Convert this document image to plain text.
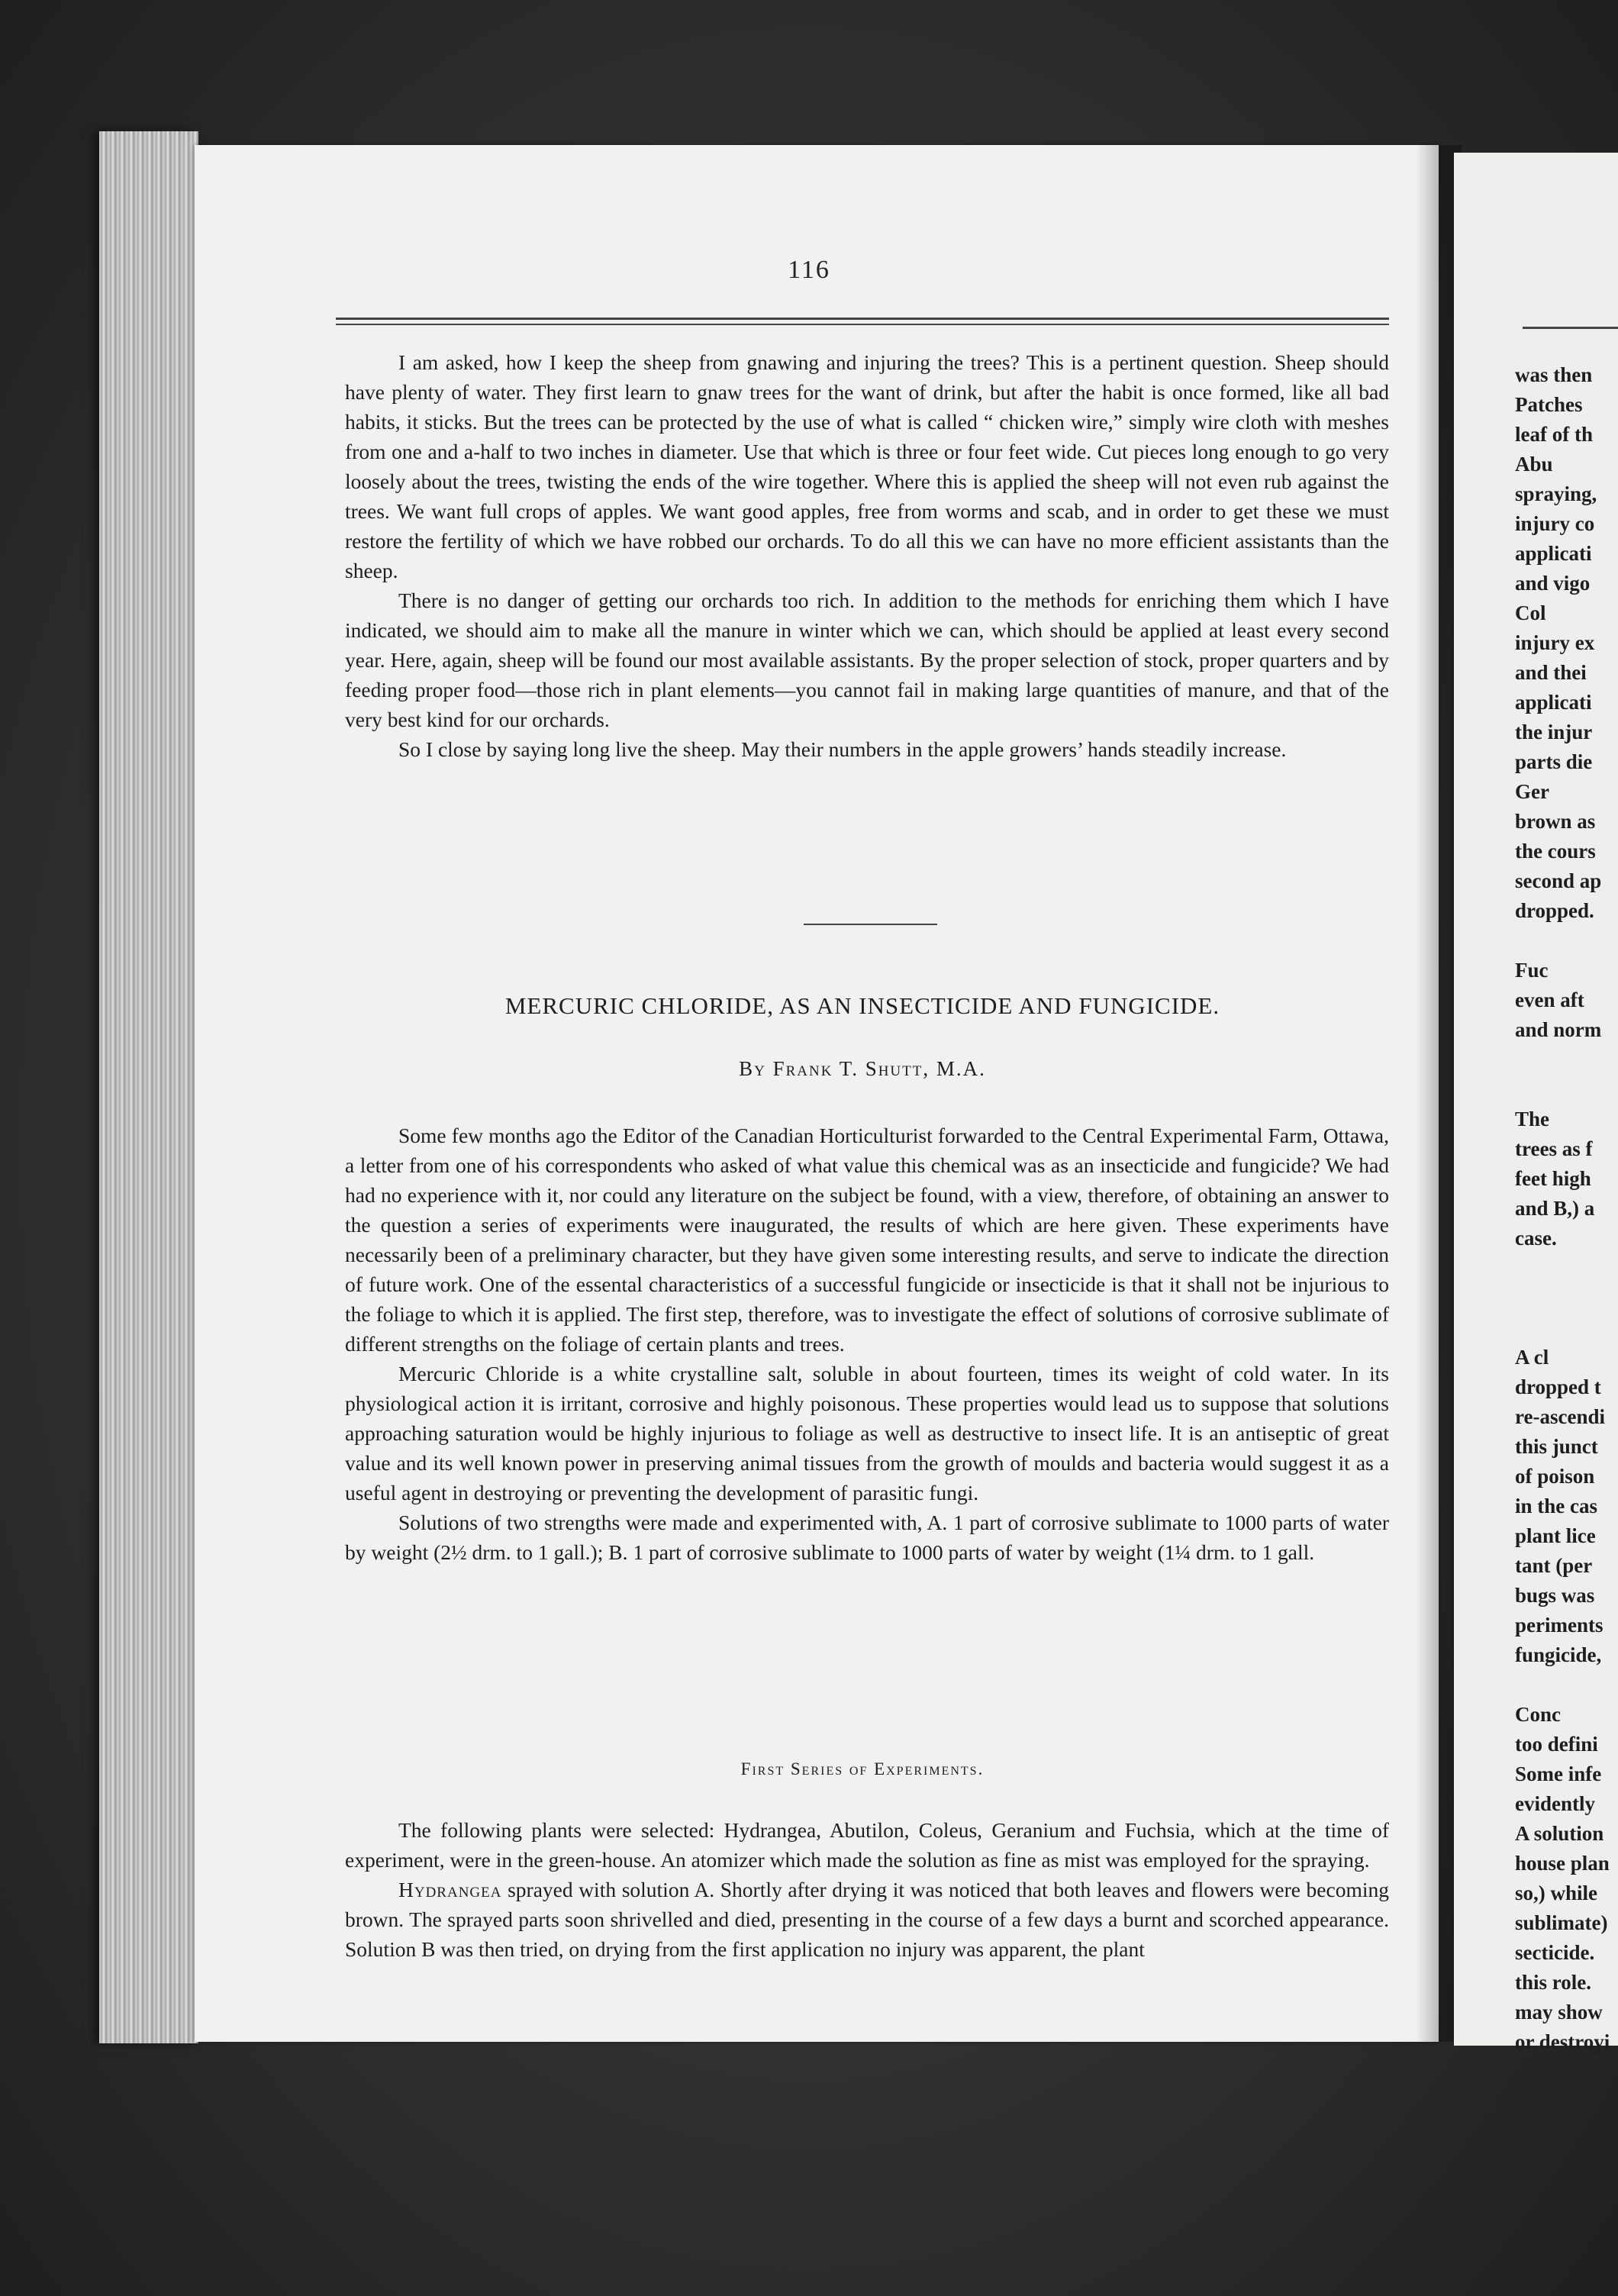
116

I am asked, how I keep the sheep from gnawing and injuring the trees? This is a pertinent question. Sheep should have plenty of water. They first learn to gnaw trees for the want of drink, but after the habit is once formed, like all bad habits, it sticks. But the trees can be protected by the use of what is called “ chicken wire,” simply wire cloth with meshes from one and a-half to two inches in diameter. Use that which is three or four feet wide. Cut pieces long enough to go very loosely about the trees, twisting the ends of the wire together. Where this is applied the sheep will not even rub against the trees. We want full crops of apples. We want good apples, free from worms and scab, and in order to get these we must restore the fertility of which we have robbed our orchards. To do all this we can have no more efficient assistants than the sheep.

There is no danger of getting our orchards too rich. In addition to the methods for enriching them which I have indicated, we should aim to make all the manure in winter which we can, which should be applied at least every second year. Here, again, sheep will be found our most available assistants. By the proper selection of stock, proper quarters and by feeding proper food—those rich in plant elements—you cannot fail in making large quantities of manure, and that of the very best kind for our orchards.

So I close by saying long live the sheep. May their numbers in the apple growers’ hands steadily increase.

MERCURIC CHLORIDE, AS AN INSECTICIDE AND FUNGICIDE.
By Frank T. Shutt, M.A.

Some few months ago the Editor of the Canadian Horticulturist forwarded to the Central Experimental Farm, Ottawa, a letter from one of his correspondents who asked of what value this chemical was as an insecticide and fungicide? We had had no experience with it, nor could any literature on the subject be found, with a view, therefore, of obtaining an answer to the question a series of experiments were inaugurated, the results of which are here given. These experiments have necessarily been of a preliminary character, but they have given some interesting results, and serve to indicate the direction of future work. One of the essental characteristics of a successful fungicide or insecticide is that it shall not be injurious to the foliage to which it is applied. The first step, therefore, was to investigate the effect of solutions of corrosive sublimate of different strengths on the foliage of certain plants and trees.

Mercuric Chloride is a white crystalline salt, soluble in about fourteen, times its weight of cold water. In its physiological action it is irritant, corrosive and highly poisonous. These properties would lead us to suppose that solutions approaching saturation would be highly injurious to foliage as well as destructive to insect life. It is an antiseptic of great value and its well known power in preserving animal tissues from the growth of moulds and bacteria would suggest it as a useful agent in destroying or preventing the development of parasitic fungi.

Solutions of two strengths were made and experimented with, A. 1 part of corrosive sublimate to 1000 parts of water by weight (2½ drm. to 1 gall.); B. 1 part of corrosive sublimate to 1000 parts of water by weight (1¼ drm. to 1 gall.

First Series of Experiments.

The following plants were selected: Hydrangea, Abutilon, Coleus, Geranium and Fuchsia, which at the time of experiment, were in the green-house. An atomizer which made the solution as fine as mist was employed for the spraying.

Hydrangea sprayed with solution A. Shortly after drying it was noticed that both leaves and flowers were becoming brown. The sprayed parts soon shrivelled and died, presenting in the course of a few days a burnt and scorched appearance. Solution B was then tried, on drying from the first application no injury was apparent, the plant

was then
Patches
leaf of th
Abu
spraying,
injury co
applicati
and vigo
Col
injury ex
and thei
applicati
the injur
parts die
Ger
brown as
the cours
second ap
dropped.
Fuc
even aft
and norm
The
trees as f
feet high
and B,) a
case.
A cl
dropped t
re-ascendi
this junct
of poison
in the cas
plant lice
tant (per
bugs was
periments
fungicide,
Conc
too defini
Some infe
evidently
A solution
house plan
so,) while
sublimate)
secticide.
this role.
may show
or destroyi
